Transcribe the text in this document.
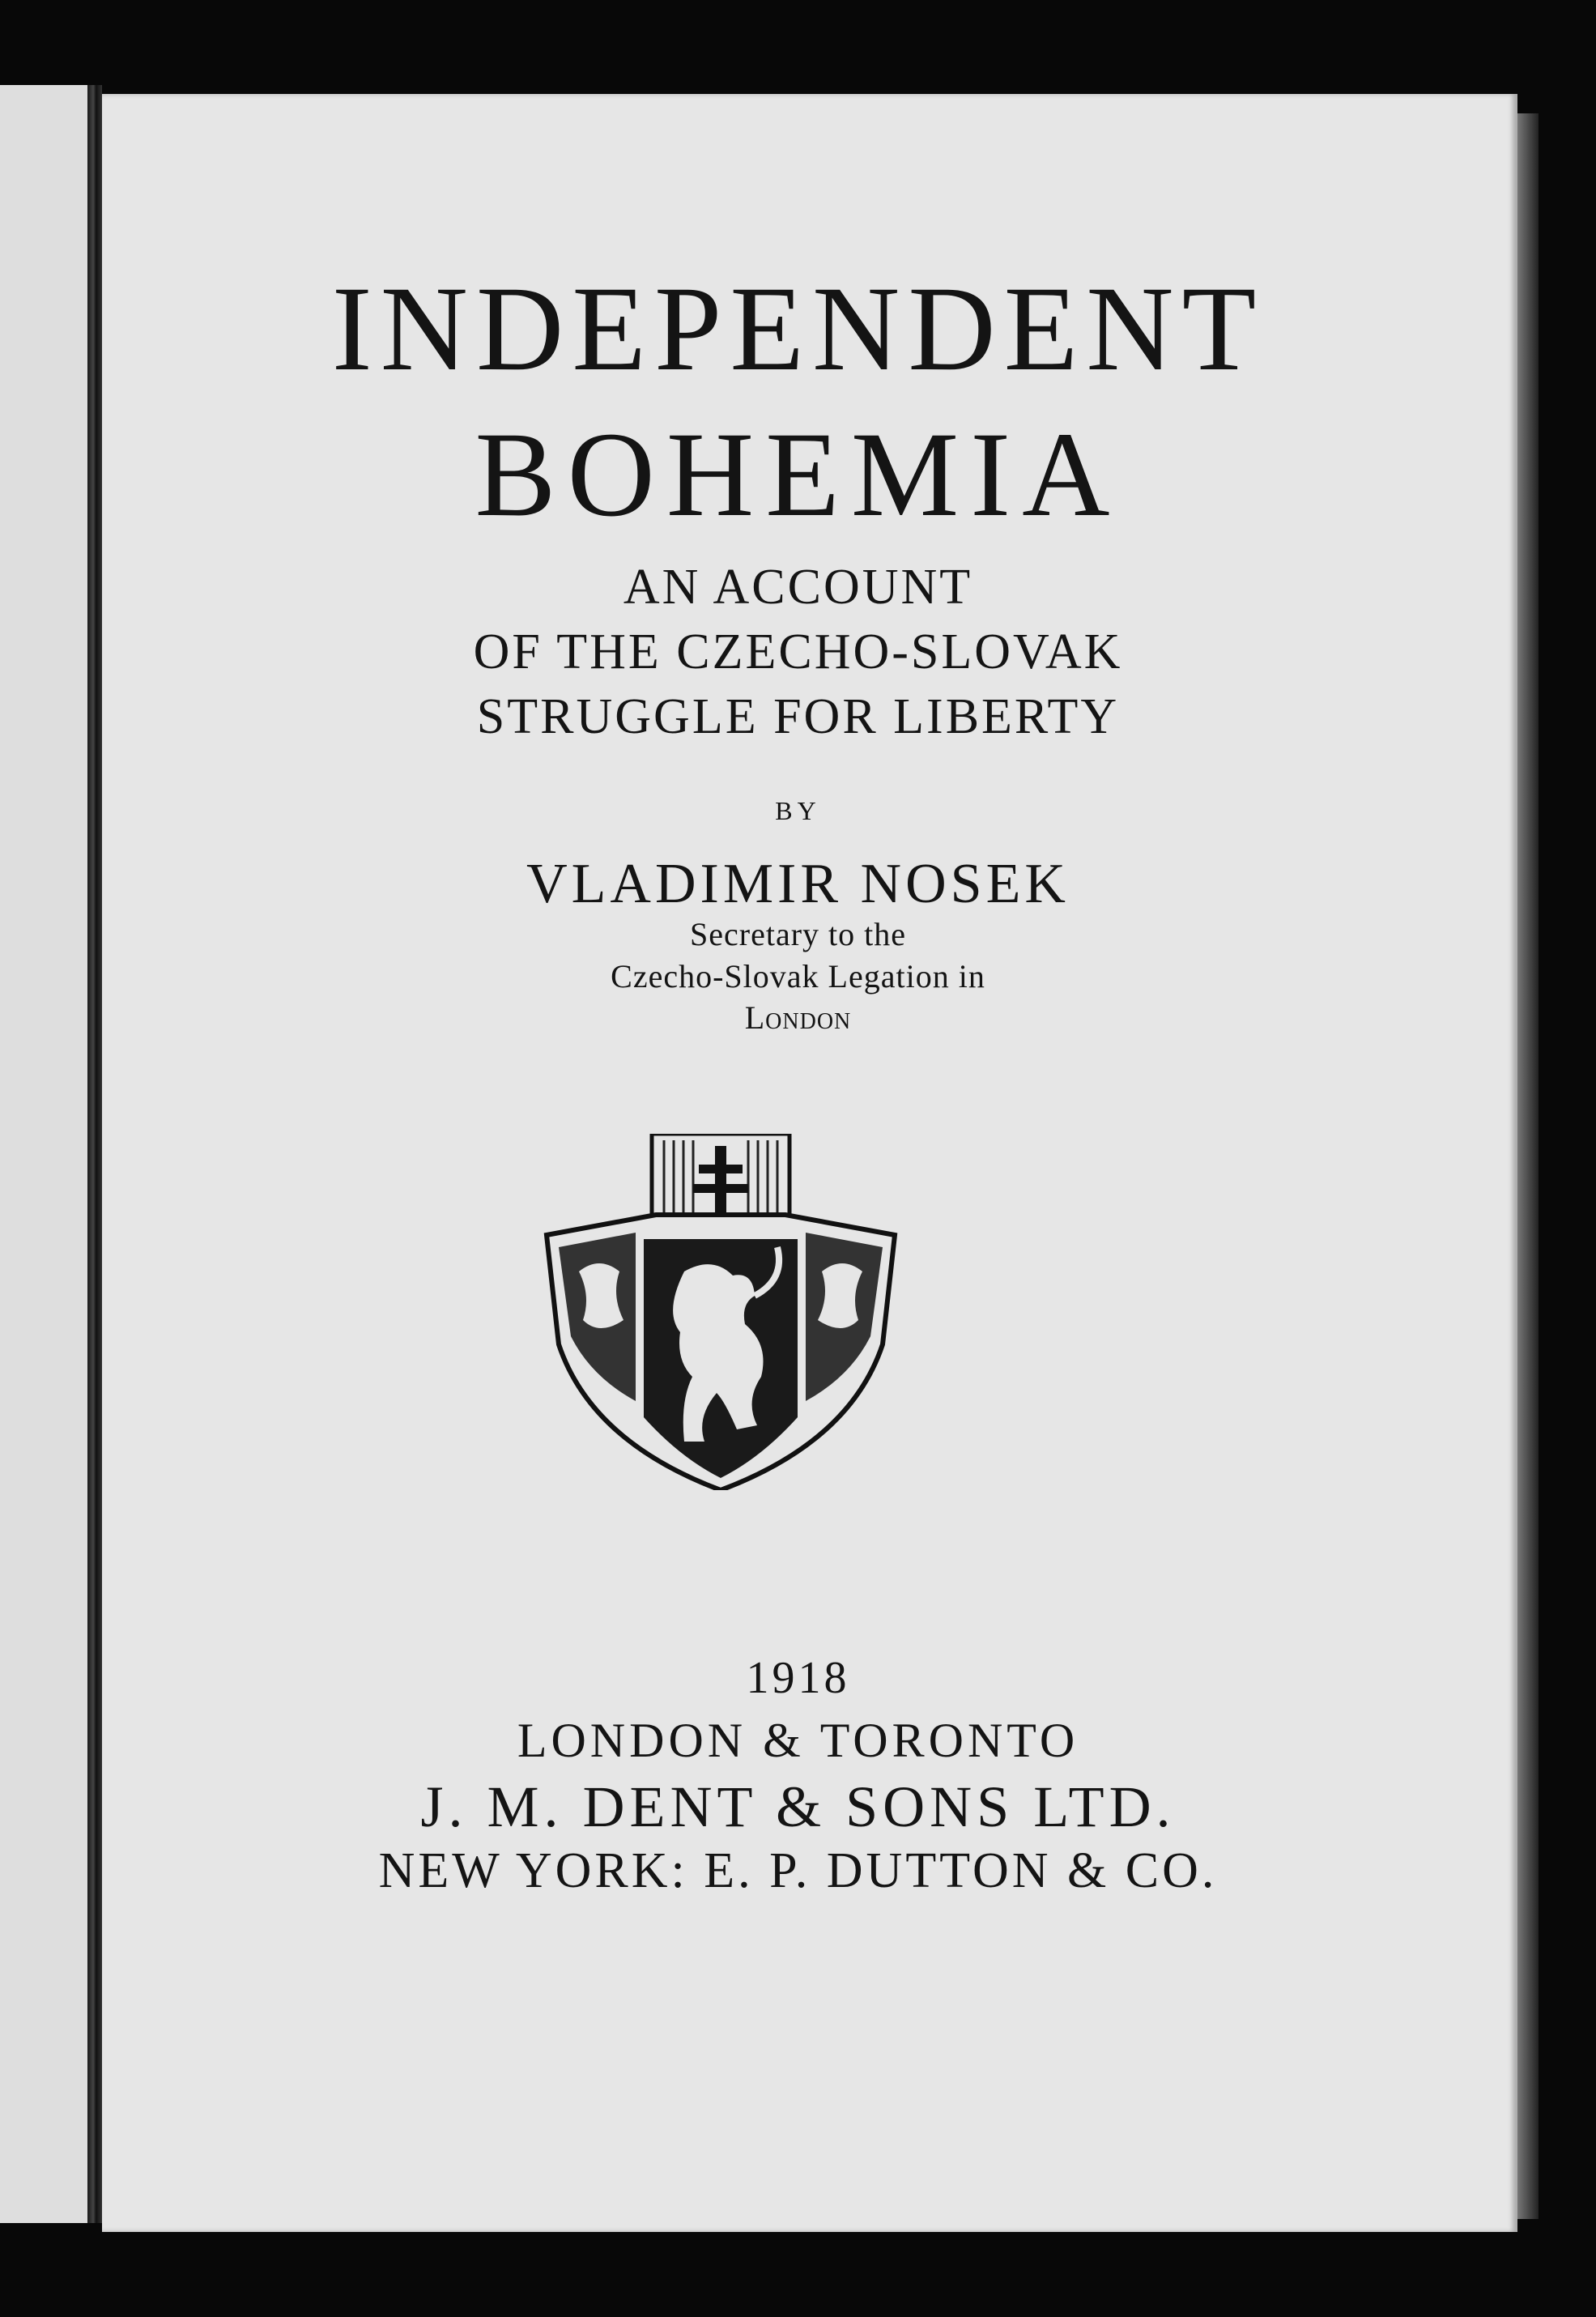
INDEPENDENT
BOHEMIA
AN ACCOUNT
OF THE CZECHO-SLOVAK
STRUGGLE FOR LIBERTY
BY
VLADIMIR NOSEK
Secretary to the
Czecho-Slovak Legation in
London
1918
LONDON & TORONTO
J. M. DENT & SONS LTD.
NEW YORK: E. P. DUTTON & CO.
